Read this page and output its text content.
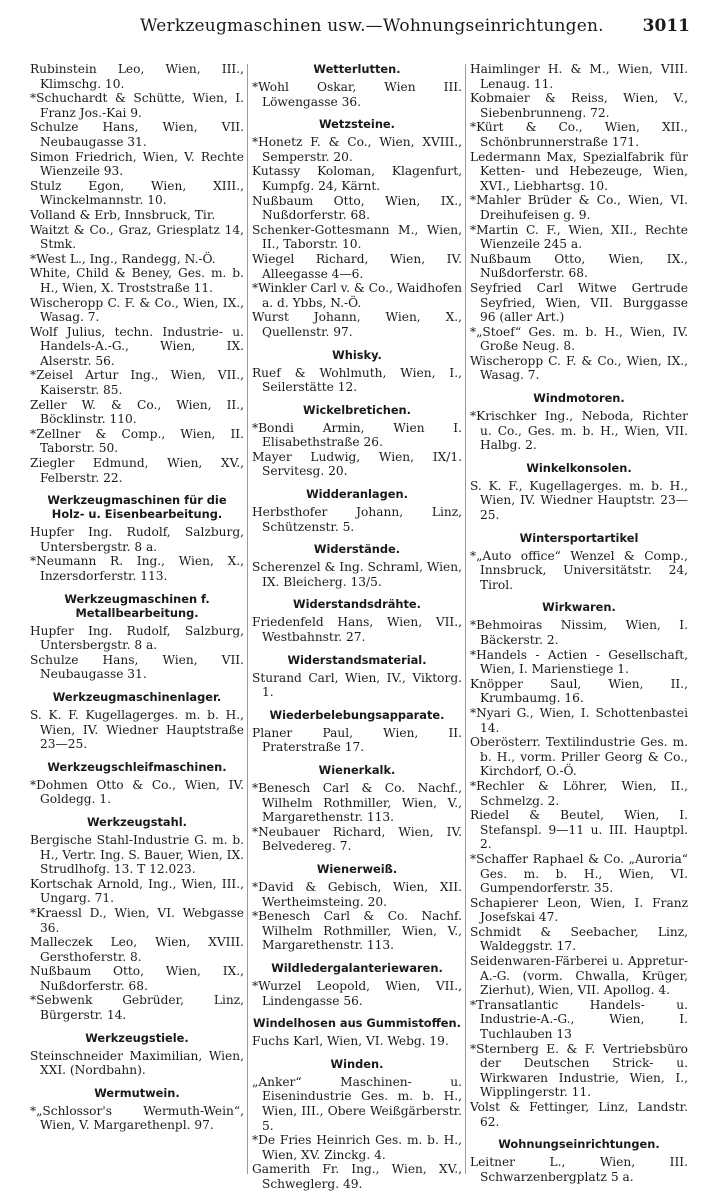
Werkzeugmaschinen usw.—Wohnungseinrichtungen. 3011

Rubinstein Leo, Wien, III., Klimschg. 10.

*Schuchardt & Schütte, Wien, I. Franz Jos.-Kai 9.

Schulze Hans, Wien, VII. Neubaugasse 31.

Simon Friedrich, Wien, V. Rechte Wienzeile 93.

Stulz Egon, Wien, XIII., Winckelmannstr. 10.

Volland & Erb, Innsbruck, Tir.

Waitzt & Co., Graz, Griesplatz 14, Stmk.

*West L., Ing., Randegg, N.-Ö.

White, Child & Beney, Ges. m. b. H., Wien, X. Troststraße 11.

Wischeropp C. F. & Co., Wien, IX., Wasag. 7.

Wolf Julius, techn. Industrie- u. Handels-A.-G., Wien, IX. Alserstr. 56.

*Zeisel Artur Ing., Wien, VII., Kaiserstr. 85.

Zeller W. & Co., Wien, II., Böcklinstr. 110.

*Zellner & Comp., Wien, II. Taborstr. 50.

Ziegler Edmund, Wien, XV., Felberstr. 22.

Werkzeugmaschinen für die Holz- u. Eisenbearbeitung.

Hupfer Ing. Rudolf, Salzburg, Untersbergstr. 8 a.

*Neumann R. Ing., Wien, X., Inzersdorferstr. 113.

Werkzeugmaschinen f. Metallbearbeitung.

Hupfer Ing. Rudolf, Salzburg, Untersbergstr. 8 a.

Schulze Hans, Wien, VII. Neubaugasse 31.

Werkzeugmaschinenlager.

S. K. F. Kugellagerges. m. b. H., Wien, IV. Wiedner Hauptstraße 23—25.

Werkzeugschleifmaschinen.

*Dohmen Otto & Co., Wien, IV. Goldegg. 1.

Werkzeugstahl.

Bergische Stahl-Industrie G. m. b. H., Vertr. Ing. S. Bauer, Wien, IX. Strudlhofg. 13. T 12.023.

Kortschak Arnold, Ing., Wien, III., Ungarg. 71.

*Kraessl D., Wien, VI. Webgasse 36.

Malleczek Leo, Wien, XVIII. Gersthoferstr. 8.

Nußbaum Otto, Wien, IX., Nußdorferstr. 68.

*Sebwenk Gebrüder, Linz, Bürgerstr. 14.

Werkzeugstiele.

Steinschneider Maximilian, Wien, XXI. (Nordbahn).

Wermutwein.

*„Schlossor's Wermuth-Wein“, Wien, V. Margarethenpl. 97.

Wetterlutten.

*Wohl Oskar, Wien III. Löwengasse 36.

Wetzsteine.

*Honetz F. & Co., Wien, XVIII., Semperstr. 20.

Kutassy Koloman, Klagenfurt, Kumpfg. 24, Kärnt.

Nußbaum Otto, Wien, IX., Nußdorferstr. 68.

Schenker-Gottesmann M., Wien, II., Taborstr. 10.

Wiegel Richard, Wien, IV. Alleegasse 4—6.

*Winkler Carl v. & Co., Waidhofen a. d. Ybbs, N.-Ö.

Wurst Johann, Wien, X., Quellenstr. 97.

Whisky.

Ruef & Wohlmuth, Wien, I., Seilerstätte 12.

Wickelbretichen.

*Bondi Armin, Wien I. Elisabethstraße 26.

Mayer Ludwig, Wien, IX/1. Servitesg. 20.

Widderanlagen.

Herbsthofer Johann, Linz, Schützenstr. 5.

Widerstände.

Scherenzel & Ing. Schraml, Wien, IX. Bleicherg. 13/5.

Widerstandsdrähte.

Friedenfeld Hans, Wien, VII., Westbahnstr. 27.

Widerstandsmaterial.

Sturand Carl, Wien, IV., Viktorg. 1.

Wiederbelebungsapparate.

Planer Paul, Wien, II. Praterstraße 17.

Wienerkalk.

*Benesch Carl & Co. Nachf., Wilhelm Rothmiller, Wien, V., Margarethenstr. 113.

*Neubauer Richard, Wien, IV. Belvedereg. 7.

Wienerweiß.

*David & Gebisch, Wien, XII. Wertheimsteing. 20.

*Benesch Carl & Co. Nachf. Wilhelm Rothmiller, Wien, V., Margarethenstr. 113.

Wildledergalanteriewaren.

*Wurzel Leopold, Wien, VII., Lindengasse 56.

Windelhosen aus Gummistoffen.

Fuchs Karl, Wien, VI. Webg. 19.

Winden.

„Anker“ Maschinen- u. Eisenindustrie Ges. m. b. H., Wien, III., Obere Weißgärberstr. 5.

*De Fries Heinrich Ges. m. b. H., Wien, XV. Zinckg. 4.

Gamerith Fr. Ing., Wien, XV., Schweglerg. 49.

Haimlinger H. & M., Wien, VIII. Lenaug. 11.

Kobmaier & Reiss, Wien, V., Siebenbrunneng. 72.

*Kürt & Co., Wien, XII., Schönbrunnerstraße 171.

Ledermann Max, Spezialfabrik für Ketten- und Hebezeuge, Wien, XVI., Liebhartsg. 10.

*Mahler Brüder & Co., Wien, VI. Dreihufeisen g. 9.

*Martin C. F., Wien, XII., Rechte Wienzeile 245 a.

Nußbaum Otto, Wien, IX., Nußdorferstr. 68.

Seyfried Carl Witwe Gertrude Seyfried, Wien, VII. Burggasse 96 (aller Art.)

*„Stoef“ Ges. m. b. H., Wien, IV. Große Neug. 8.

Wischeropp C. F. & Co., Wien, IX., Wasag. 7.

Windmotoren.

*Krischker Ing., Neboda, Richter u. Co., Ges. m. b. H., Wien, VII. Halbg. 2.

Winkelkonsolen.

S. K. F., Kugellagerges. m. b. H., Wien, IV. Wiedner Hauptstr. 23—25.

Wintersportartikel

*„Auto office“ Wenzel & Comp., Innsbruck, Universitätstr. 24, Tirol.

Wirkwaren.

*Behmoiras Nissim, Wien, I. Bäckerstr. 2.

*Handels - Actien - Gesellschaft, Wien, I. Marienstiege 1.

Knöpper Saul, Wien, II., Krumbaumg. 16.

*Nyari G., Wien, I. Schottenbastei 14.

Oberösterr. Textilindustrie Ges. m. b. H., vorm. Priller Georg & Co., Kirchdorf, O.-Ö.

*Rechler & Löhrer, Wien, II., Schmelzg. 2.

Riedel & Beutel, Wien, I. Stefanspl. 9—11 u. III. Hauptpl. 2.

*Schaffer Raphael & Co. „Auroria“ Ges. m. b. H., Wien, VI. Gumpendorferstr. 35.

Schapierer Leon, Wien, I. Franz Josefskai 47.

Schmidt & Seebacher, Linz, Waldeggstr. 17.

Seidenwaren-Färberei u. Appretur-A.-G. (vorm. Chwalla, Krüger, Zierhut), Wien, VII. Apollog. 4.

*Transatlantic Handels- u. Industrie-A.-G., Wien, I. Tuchlauben 13

*Sternberg E. & F. Vertriebsbüro der Deutschen Strick- u. Wirkwaren Industrie, Wien, I., Wipplingerstr. 11.

Volst & Fettinger, Linz, Landstr. 62.

Wohnungseinrichtungen.

Leitner L., Wien, III. Schwarzenbergplatz 5 a.
